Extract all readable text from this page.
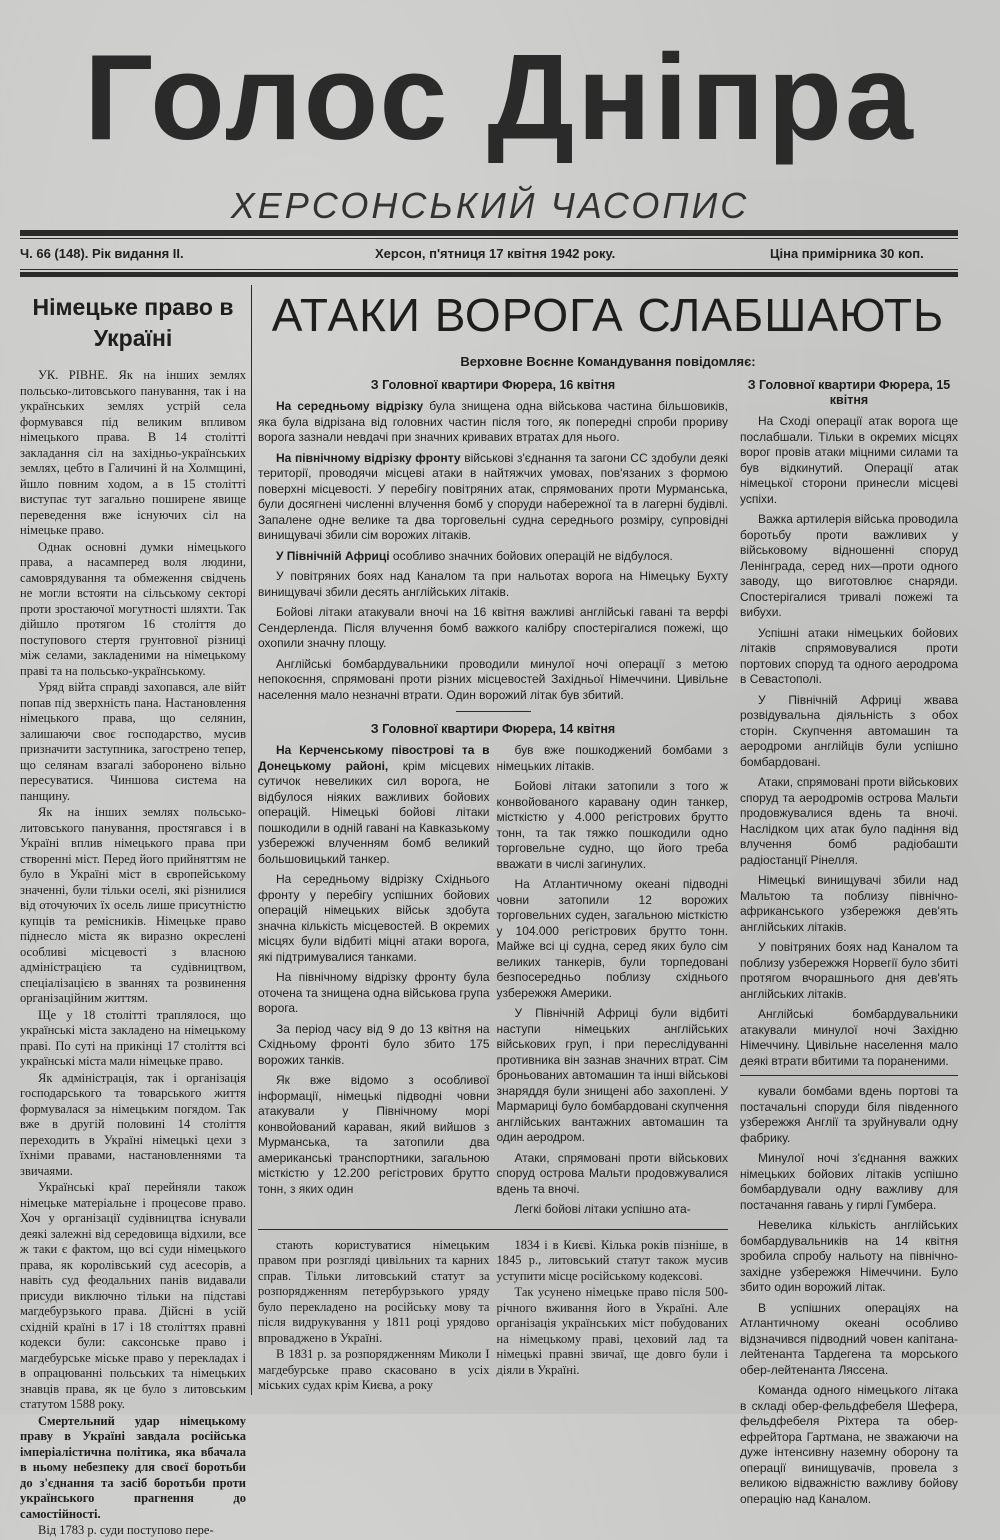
Голос Дніпра
ХЕРСОНСЬКИЙ ЧАСОПИС
Ч. 66 (148). Рік видання II.	Херсон, п'ятниця 17 квітня 1942 року.	Ціна примірника 30 коп.
Німецьке право в Україні

УК. РІВНЕ. Як на інших землях польсько-литовського панування, так і на українських землях устрій села формувався під великим впливом німецького права. В 14 столітті закладання сіл на західньо-українських землях, цебто в Галичині й на Холмщині, йшло повним ходом, а в 15 столітті виступає тут загально поширене явище переведення вже існуючих сіл на німецьке право.

Однак основні думки німецького права, а насамперед воля людини, самоврядування та обмеження свідчень не могли встояти на сільському секторі проти зростаючої могутності шляхти. Так дійшло протягом 16 століття до поступового стертя грунтовної різниці між селами, закладеними на німецькому праві та на польсько-українському.

Уряд війта справді захопався, але війт попав під зверхність пана. Настановлення німецького права, що селянин, залишаючи своє господарство, мусив призначити заступника, загострено тепер, що селянам взагалі заборонено вільно пересуватися. Чиншова система на панщину.

Як на інших землях польсько-литовського панування, простягався і в Україні вплив німецького права при створенні міст. Перед його прийняттям не було в Україні міст в європейському значенні, були тільки оселі, які різнилися від оточуючих їх осель лише присутністю купців та ремісників. Німецьке право піднесло міста як виразно окреслені особливі місцевості з власною адміністрацією та судівництвом, спеціалізацією в званнях та розвинення організаційним життям.

Ще у 18 столітті траплялося, що українські міста закладено на німецькому праві. По суті на прикінці 17 століття всі українські міста мали німецьке право.

Як адміністрація, так і організація господарського та товарського життя формувалася за німецьким погядом. Так вже в другій половині 14 століття переходить в Україні німецькі цехи з їхніми правами, настановленнями та звичаями.

Українські краї перейняли також німецьке матеріальне і процесове право. Хоч у організації судівництва існували деякі залежні від середовища відхили, все ж таки є фактом, що всі суди німецького права, як королівський суд асесорів, а навіть суд феодальних панів видавали присуди виключно тільки на підставі магдебурзького права. Дійсні в усій східній країні в 17 і 18 століттях правні кодекси були: саксонське право і магдебурське міське право у перекладах і в опрацюванні польських та німецьких знавців права, як це було з литовським статутом 1588 року.

Смертельний удар німецькому праву в Україні завдала російська імперіалістична політика, яка вбачала в ньому небезпеку для своєї боротьби до з'єднання та засіб боротьби проти українського прагнення до самостійності.

Від 1783 р. суди поступово пере-

АТАКИ ВОРОГА СЛАБШАЮТЬ
Верховне Воєнне Командування повідомляє:
З Головної квартири Фюрера, 16 квітня

На середньому відрізку була знищена одна військова частина більшовиків, яка була відрізана від головних частин після того, як попередні спроби прориву ворога зазнали невдачі при значних кривавих втратах для нього.

На північному відрізку фронту військові з'єднання та загони СС здобули деякі території, проводячи місцеві атаки в найтяжчих умовах, пов'язаних з формою поверхні місцевості. У перебігу повітряних атак, спрямованих проти Мурманська, були досягнені численні влучення бомб у споруди набережної та в лагерні будівлі. Запалене одне велике та два торговельні судна середнього розміру, супровідні винищувачі збили сім ворожих літаків.

У Північній Африці особливо значних бойових операцій не відбулося.

У повітряних боях над Каналом та при нальотах ворога на Німецьку Бухту винищувачі збили десять англійських літаків.

Бойові літаки атакували вночі на 16 квітня важливі англійські гавані та верфі Сендерленда. Після влучення бомб важкого калібру спостерігалися пожежі, що охопили значну площу.

Англійські бомбардувальники проводили минулої ночі операції з метою непокоєння, спрямовані проти різних місцевостей Західньої Німеччини. Цивільне населення мало незначні втрати. Один ворожий літак був збитий.

З Головної квартири Фюрера, 14 квітня

На Керченському півострові та в Донецькому районі, крім місцевих сутичок невеликих сил ворога, не відбулося ніяких важливих бойових операцій. Німецькі бойові літаки пошкодили в одній гавані на Кавказькому узбережжі влученням бомб великий большовицький танкер.

На середньому відрізку Східнього фронту у перебігу успішних бойових операцій німецьких військ здобута значна кількість місцевостей. В окремих місцях були відбиті міцні атаки ворога, які підтримувалися танками.

На північному відрізку фронту була оточена та знищена одна військова група ворога.

За період часу від 9 до 13 квітня на Східньому фронті було збито 175 ворожих танків.

Як вже відомо з особливої інформації, німецькі підводні човни атакували у Північному морі конвойований караван, який вийшов з Мурманська, та затопили два американські транспортники, загальною місткістю у 12.200 регістрових брутто тонн, з яких один

був вже пошкоджений бомбами з німецьких літаків.

Бойові літаки затопили з того ж конвойованого каравану один танкер, місткістю у 4.000 регістрових брутто тонн, та так тяжко пошкодили одно торговельне судно, що його треба вважати в числі загинулих.

На Атлантичному океані підводні човни затопили 12 ворожих торговельних суден, загальною місткістю у 104.000 регістрових брутто тонн. Майже всі ці судна, серед яких було сім великих танкерів, були торпедовані безпосередньо поблизу східнього узбережжя Америки.

У Північній Африці були відбиті наступи німецьких англійських військових груп, і при переслідуванні противника він зазнав значних втрат. Сім броньованих автомашин та інші військові знаряддя були знищені або захоплені. У Мармариці було бомбардовані скупчення англійських вантажних автомашин та один аеродром.

Атаки, спрямовані проти військових споруд острова Мальти продовжувалися вдень та вночі.

Легкі бойові літаки успішно ата-

стають користуватися німецьким правом при розгляді цивільних та карних справ. Тільки литовський статут за розпорядженням петербурзького уряду було перекладено на російську мову та після видрукування у 1811 році урядово впроваджено в Україні.

В 1831 р. за розпорядженням Миколи I магдебурське право скасовано в усіх міських судах крім Києва, а року

1834 і в Києві. Кілька років пізніше, в 1845 р., литовський статут також мусив уступити місце російському кодексові.

Так усунено німецьке право після 500-річного вживання його в Україні. Але організація українських міст побудованих на німецькому праві, цеховий лад та німецькі правні звичаї, ще довго були і діяли в Україні.

З Головної квартири Фюрера, 15 квітня

На Сході операції атак ворога ще послабшали. Тільки в окремих місцях ворог провів атаки міцними силами та був відкинутий. Операції атак німецької сторони принесли місцеві успіхи.

Важка артилерія війська проводила боротьбу проти важливих у військовому відношенні споруд Ленінграда, серед них—проти одного заводу, що виготовлює снаряди. Спостерігалися тривалі пожежі та вибухи.

Успішні атаки німецьких бойових літаків спрямовувалися проти портових споруд та одного аеродрома в Севастополі.

У Північній Африці жвава розвідувальна діяльність з обох сторін. Скупчення автомашин та аеродроми англійців були успішно бомбардовані.

Атаки, спрямовані проти військових споруд та аеродромів острова Мальти продовжувалися вдень та вночі. Наслідком цих атак було падіння від влучення бомб радіобашти радіостанції Рінелля.

Німецькі винищувачі збили над Мальтою та поблизу північно-африканського узбережжя дев'ять англійських літаків.

У повітряних боях над Каналом та поблизу узбережжя Норвегії було збиті протягом вчорашнього дня дев'ять англійських літаків.

Англійські бомбардувальники атакували минулої ночі Західню Німеччину. Цивільне населення мало деякі втрати вбитими та пораненими.

кували бомбами вдень портові та постачальні споруди біля південного узбережжя Англії та зруйнували одну фабрику.

Минулої ночі з'єднання важких німецьких бойових літаків успішно бомбардували одну важливу для постачання гавань у гирлі Гумбера.

Невелика кількість англійських бомбардувальників на 14 квітня зробила спробу нальоту на північно-західне узбережжя Німеччини. Було збито один ворожий літак.

В успішних операціях на Атлантичному океані особливо відзначився підводний човен капітана-лейтенанта Тардегена та морського обер-лейтенанта Ляссена.

Команда одного німецького літака в складі обер-фельдфебеля Шефера, фельдфебеля Ріхтера та обер-ефрейтора Гартмана, не зважаючи на дуже інтенсивну наземну оборону та операції винищувачів, провела з великою відважністю важливу бойову операцію над Каналом.
